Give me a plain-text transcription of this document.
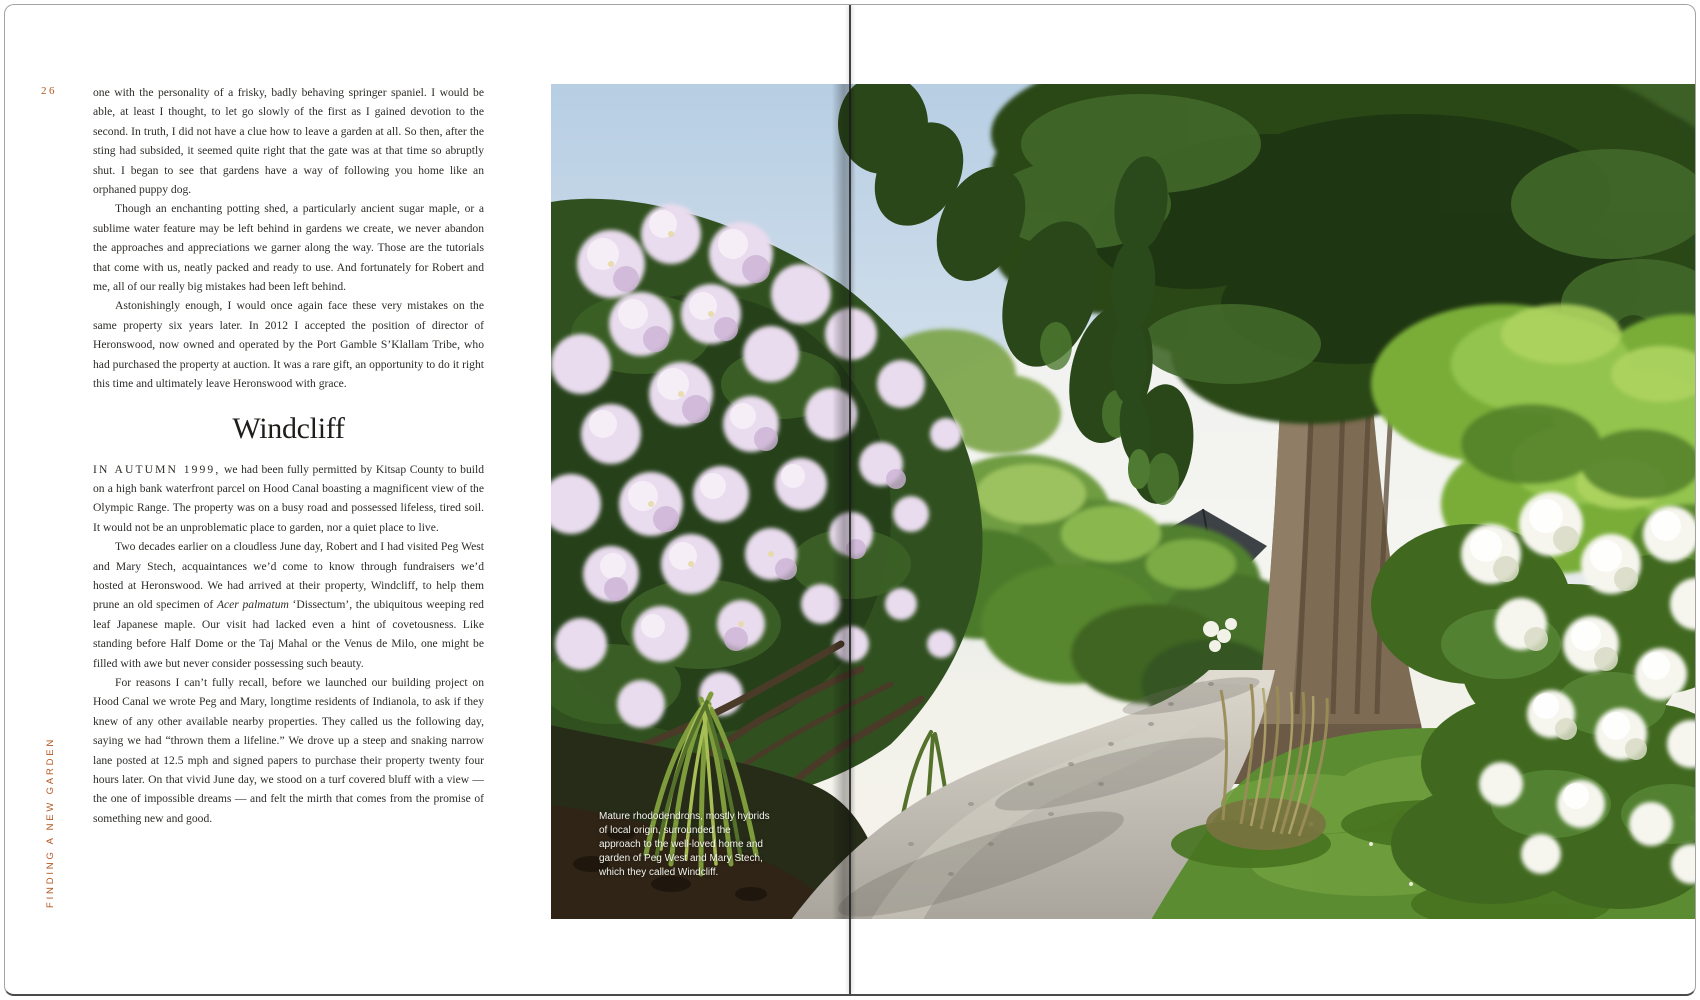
26
FINDING A NEW GARDEN

one with the personality of a frisky, badly behaving springer spaniel. I would be able, at least I thought, to let go slowly of the first as I gained devotion to the second. In truth, I did not have a clue how to leave a garden at all. So then, after the sting had subsided, it seemed quite right that the gate was at that time so abruptly shut. I began to see that gardens have a way of following you home like an orphaned puppy dog.

Though an enchanting potting shed, a particularly ancient sugar maple, or a sublime water feature may be left behind in gardens we create, we never abandon the approaches and appreciations we garner along the way. Those are the tutorials that come with us, neatly packed and ready to use. And fortunately for Robert and me, all of our really big mistakes had been left behind.

Astonishingly enough, I would once again face these very mistakes on the same property six years later. In 2012 I accepted the position of director of Heronswood, now owned and operated by the Port Gamble S’Klallam Tribe, who had purchased the property at auction. It was a rare gift, an opportunity to do it right this time and ultimately leave Heronswood with grace.

Windcliff

IN AUTUMN 1999, we had been fully permitted by Kitsap County to build on a high bank waterfront parcel on Hood Canal boasting a magnificent view of the Olympic Range. The property was on a busy road and possessed lifeless, tired soil. It would not be an unproblematic place to garden, nor a quiet place to live.

Two decades earlier on a cloudless June day, Robert and I had visited Peg West and Mary Stech, acquaintances we’d come to know through fundraisers we’d hosted at Heronswood. We had arrived at their property, Windcliff, to help them prune an old specimen of Acer palmatum ‘Dissectum’, the ubiquitous weeping red leaf Japanese maple. Our visit had lacked even a hint of covetousness. Like standing before Half Dome or the Taj Mahal or the Venus de Milo, one might be filled with awe but never consider possessing such beauty.

For reasons I can’t fully recall, before we launched our building project on Hood Canal we wrote Peg and Mary, longtime residents of Indianola, to ask if they knew of any other available nearby properties. They called us the following day, saying we had “thrown them a lifeline.” We drove up a steep and snaking narrow lane posted at 12.5 mph and signed papers to purchase their property twenty four hours later. On that vivid June day, we stood on a turf covered bluff with a view — the one of impossible dreams — and felt the mirth that comes from the promise of something new and good.	Mature rhododendrons, mostly hybrids of local origin, surrounded the approach to the well-loved home and garden of Peg West and Mary Stech, which they called Windcliff.
